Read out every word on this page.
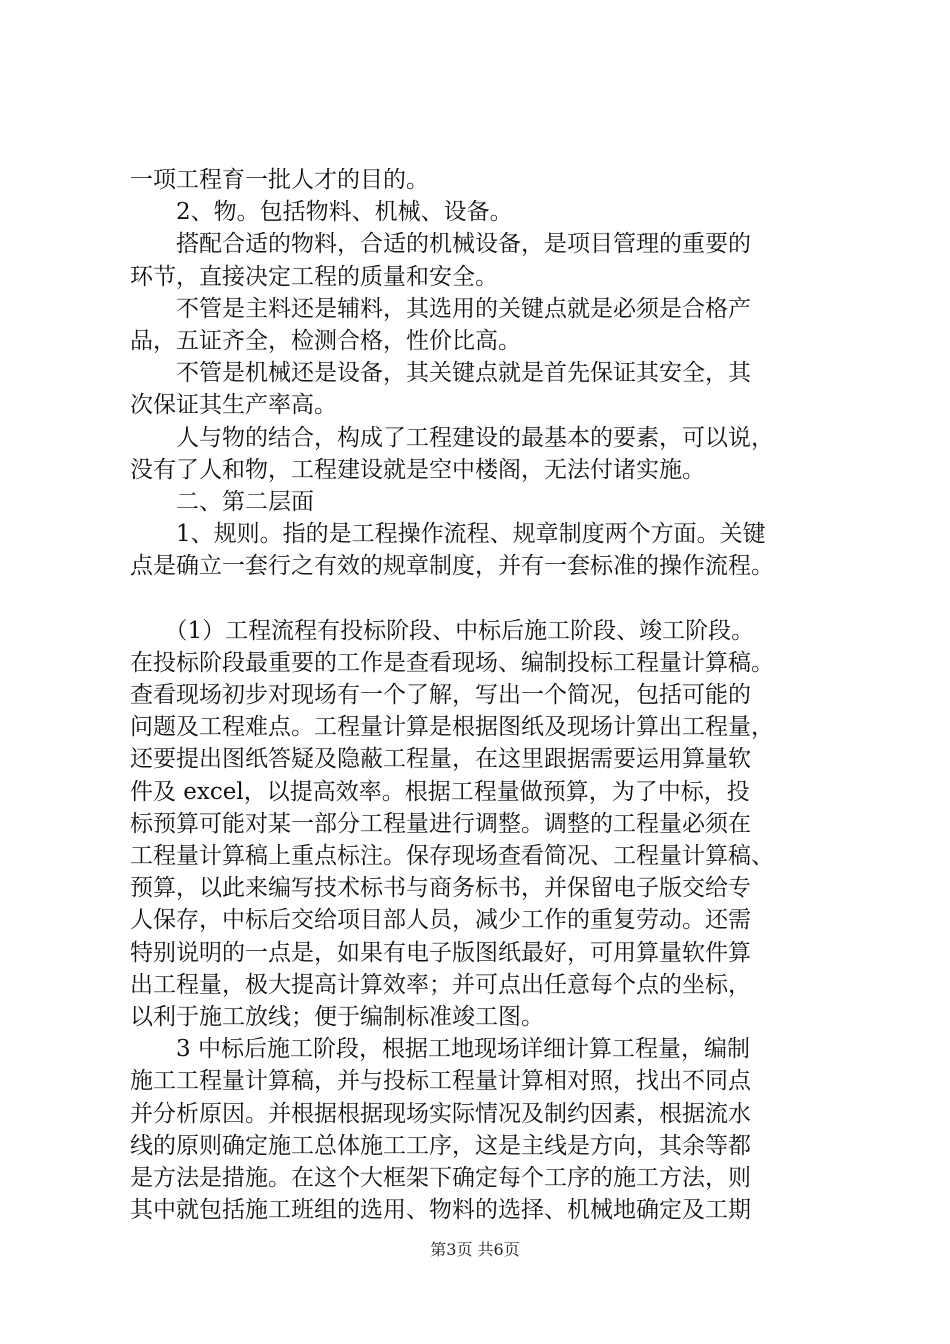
一项工程育一批人才的目的。

　　2、物。包括物料、机械、设备。

　　搭配合适的物料，合适的机械设备，是项目管理的重要的
环节，直接决定工程的质量和安全。

　　不管是主料还是辅料，其选用的关键点就是必须是合格产
品，五证齐全，检测合格，性价比高。

　　不管是机械还是设备，其关键点就是首先保证其安全，其
次保证其生产率高。

　　人与物的结合，构成了工程建设的最基本的要素，可以说，
没有了人和物，工程建设就是空中楼阁，无法付诸实施。

　　二、第二层面

　　1、规则。指的是工程操作流程、规章制度两个方面。关键
点是确立一套行之有效的规章制度，并有一套标准的操作流程。

　　（1）工程流程有投标阶段、中标后施工阶段、竣工阶段。
在投标阶段最重要的工作是查看现场、编制投标工程量计算稿。
查看现场初步对现场有一个了解，写出一个简况，包括可能的
问题及工程难点。工程量计算是根据图纸及现场计算出工程量，
还要提出图纸答疑及隐蔽工程量，在这里跟据需要运用算量软
件及 excel，以提高效率。根据工程量做预算，为了中标，投
标预算可能对某一部分工程量进行调整。调整的工程量必须在
工程量计算稿上重点标注。保存现场查看简况、工程量计算稿、
预算，以此来编写技术标书与商务标书，并保留电子版交给专
人保存，中标后交给项目部人员，减少工作的重复劳动。还需
特别说明的一点是，如果有电子版图纸最好，可用算量软件算
出工程量，极大提高计算效率；并可点出任意每个点的坐标，
以利于施工放线；便于编制标准竣工图。

　　3 中标后施工阶段，根据工地现场详细计算工程量，编制
施工工程量计算稿，并与投标工程量计算相对照，找出不同点
并分析原因。并根据根据现场实际情况及制约因素，根据流水
线的原则确定施工总体施工工序，这是主线是方向，其余等都
是方法是措施。在这个大框架下确定每个工序的施工方法，则
其中就包括施工班组的选用、物料的选择、机械地确定及工期

第3页 共6页
